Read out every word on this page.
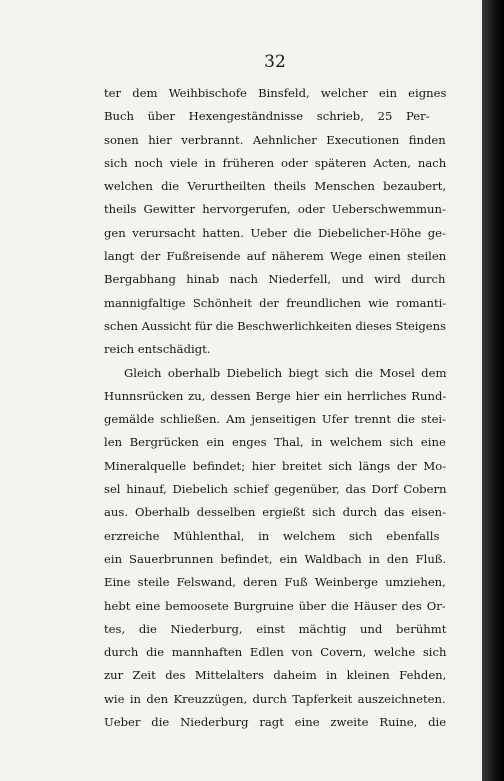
32
ter dem Weihbischofe Binsfeld, welcher ein eignes
Buch über Hexengeständnisse schrieb, 25 Per-
sonen hier verbrannt. Aehnlicher Executionen finden
sich noch viele in früheren oder späteren Acten, nach
welchen die Verurtheilten theils Menschen bezaubert,
theils Gewitter hervorgerufen, oder Ueberschwemmun-
gen verursacht hatten. Ueber die Diebelicher-Höhe ge-
langt der Fußreisende auf näherem Wege einen steilen
Bergabhang hinab nach Niederfell, und wird durch
mannigfaltige Schönheit der freundlichen wie romanti-
schen Aussicht für die Beschwerlichkeiten dieses Steigens
reich entschädigt.
Gleich oberhalb Diebelich biegt sich die Mosel dem
Hunnsrücken zu, dessen Berge hier ein herrliches Rund-
gemälde schließen. Am jenseitigen Ufer trennt die stei-
len Bergrücken ein enges Thal, in welchem sich eine
Mineralquelle befindet; hier breitet sich längs der Mo-
sel hinauf, Diebelich schief gegenüber, das Dorf Cobern
aus. Oberhalb desselben ergießt sich durch das eisen-
erzreiche Mühlenthal, in welchem sich ebenfalls
ein Sauerbrunnen befindet, ein Waldbach in den Fluß.
Eine steile Felswand, deren Fuß Weinberge umziehen,
hebt eine bemoosete Burgruine über die Häuser des Or-
tes, die Niederburg, einst mächtig und berühmt
durch die mannhaften Edlen von Covern, welche sich
zur Zeit des Mittelalters daheim in kleinen Fehden,
wie in den Kreuzzügen, durch Tapferkeit auszeichneten.
Ueber die Niederburg ragt eine zweite Ruine, die
